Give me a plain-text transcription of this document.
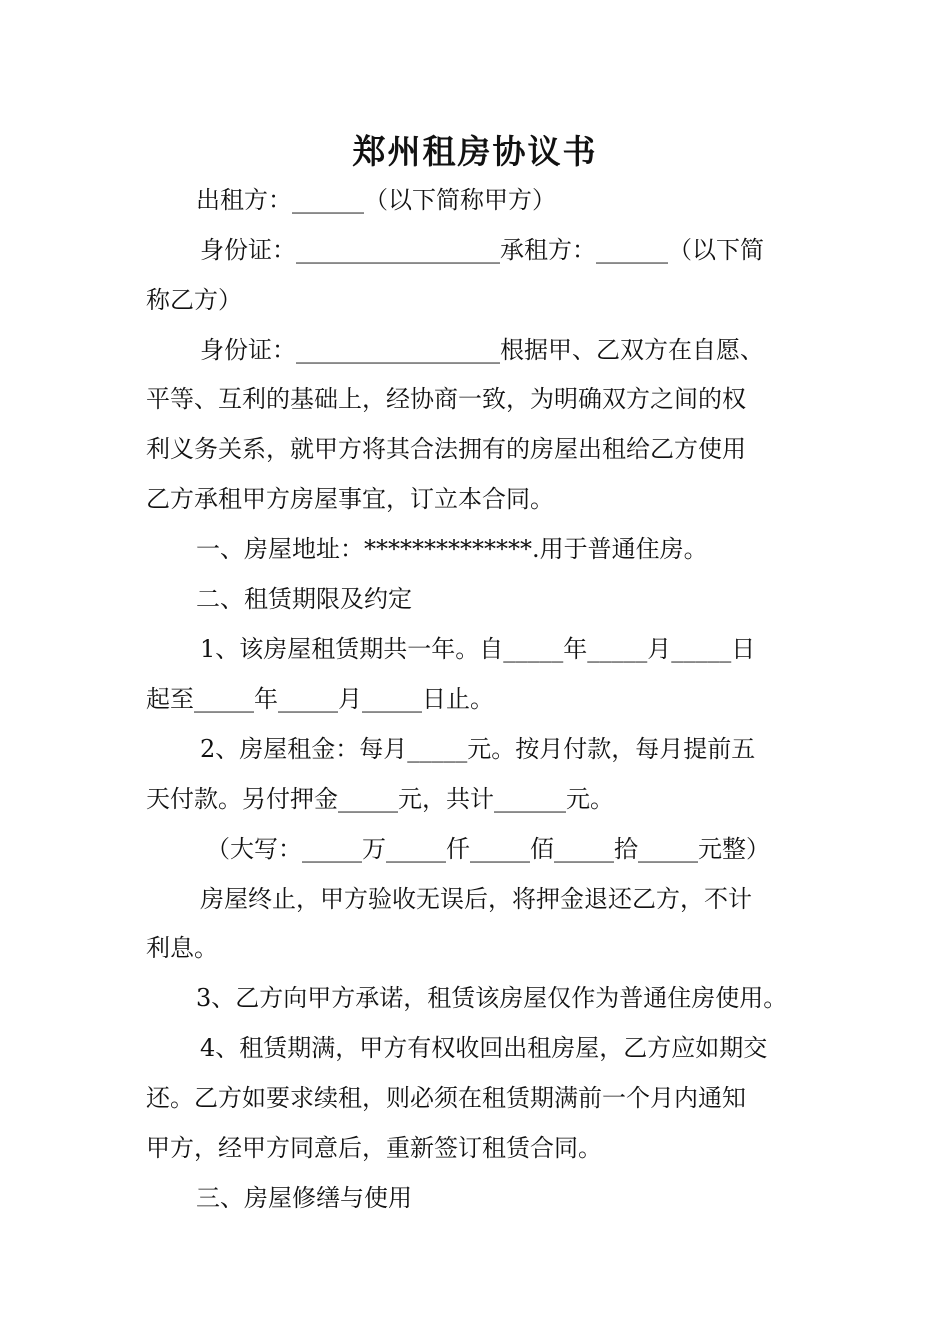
郑州租房协议书
出租方：______（以下简称甲方）
身份证：_________________承租方：______（以下简
称乙方）
身份证：_________________根据甲、乙双方在自愿、
平等、互利的基础上，经协商一致，为明确双方之间的权
利义务关系，就甲方将其合法拥有的房屋出租给乙方使用
乙方承租甲方房屋事宜，订立本合同。
一、房屋地址：**************.用于普通住房。
二、租赁期限及约定
1、该房屋租赁期共一年。自_____年_____月_____日
起至_____年_____月_____日止。
2、房屋租金：每月_____元。按月付款，每月提前五
天付款。另付押金_____元，共计______元。
（大写：_____万_____仟_____佰_____拾_____元整）
房屋终止，甲方验收无误后，将押金退还乙方，不计
利息。
3、乙方向甲方承诺，租赁该房屋仅作为普通住房使用。
4、租赁期满，甲方有权收回出租房屋，乙方应如期交
还。乙方如要求续租，则必须在租赁期满前一个月内通知
甲方，经甲方同意后，重新签订租赁合同。
三、房屋修缮与使用
